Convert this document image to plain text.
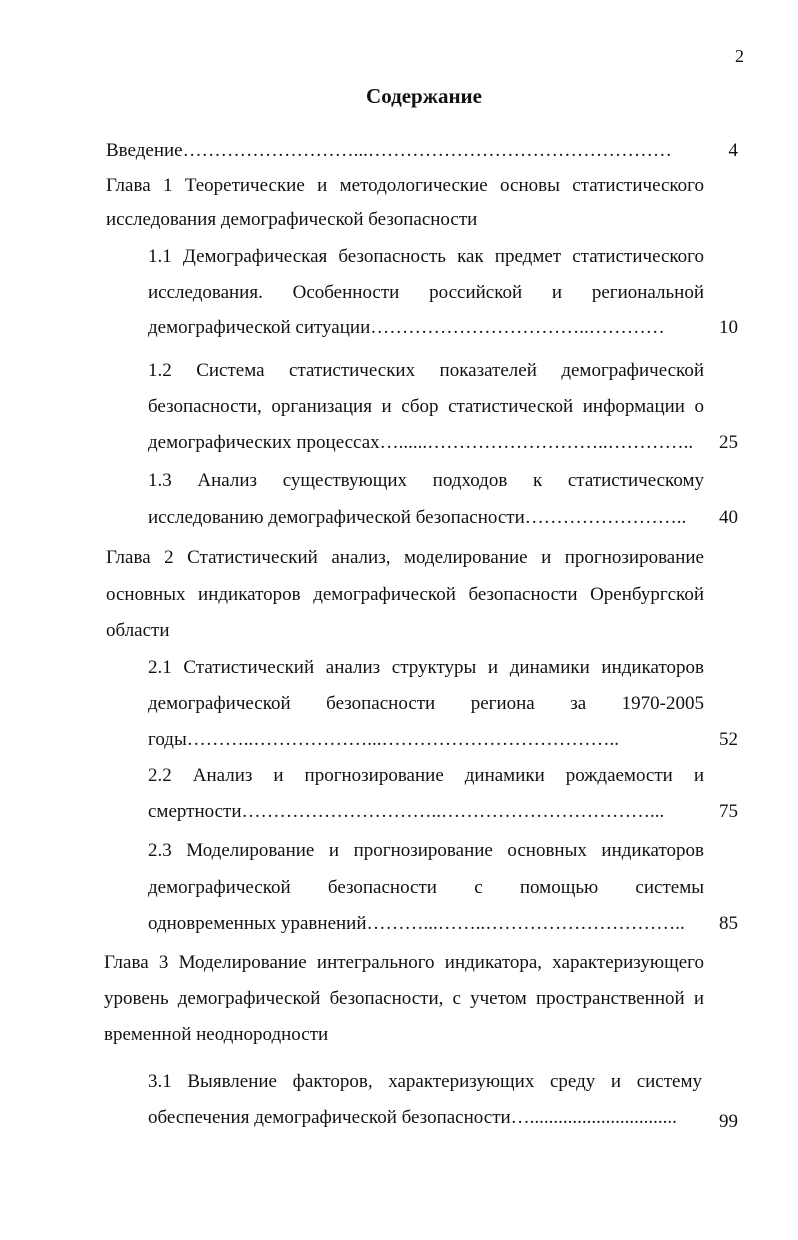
2
Содержание
Введение………………………...…………………………………………	4
Глава 1 Теоретические и методологические основы статистического
исследования демографической безопасности
1.1 Демографическая безопасность как предмет статистического
исследования. Особенности российской и региональной
демографической ситуации……………………………..…………	10
1.2 Система статистических показателей демографической
безопасности, организация и сбор статистической информации о
демографических процессах…......………………………..…………..	25
1.3 Анализ существующих подходов к статистическому
исследованию демографической безопасности……………………..	40
Глава 2 Статистический анализ, моделирование и прогнозирование
основных индикаторов демографической безопасности Оренбургской
области
2.1 Статистический анализ структуры и динамики индикаторов
демографической безопасности региона за 1970-2005
годы………..………………...………………………………..	52
2.2 Анализ и прогнозирование динамики рождаемости и
смертности…………………………..……………………………...	75
2.3 Моделирование и прогнозирование основных индикаторов
демографической безопасности с помощью системы
одновременных уравнений………...……..…………………………..	85
Глава 3 Моделирование интегрального индикатора, характеризующего
уровень демографической безопасности, с учетом пространственной и
временной неоднородности
3.1 Выявление факторов, характеризующих среду и систему
обеспечения демографической безопасности…...............................	99
